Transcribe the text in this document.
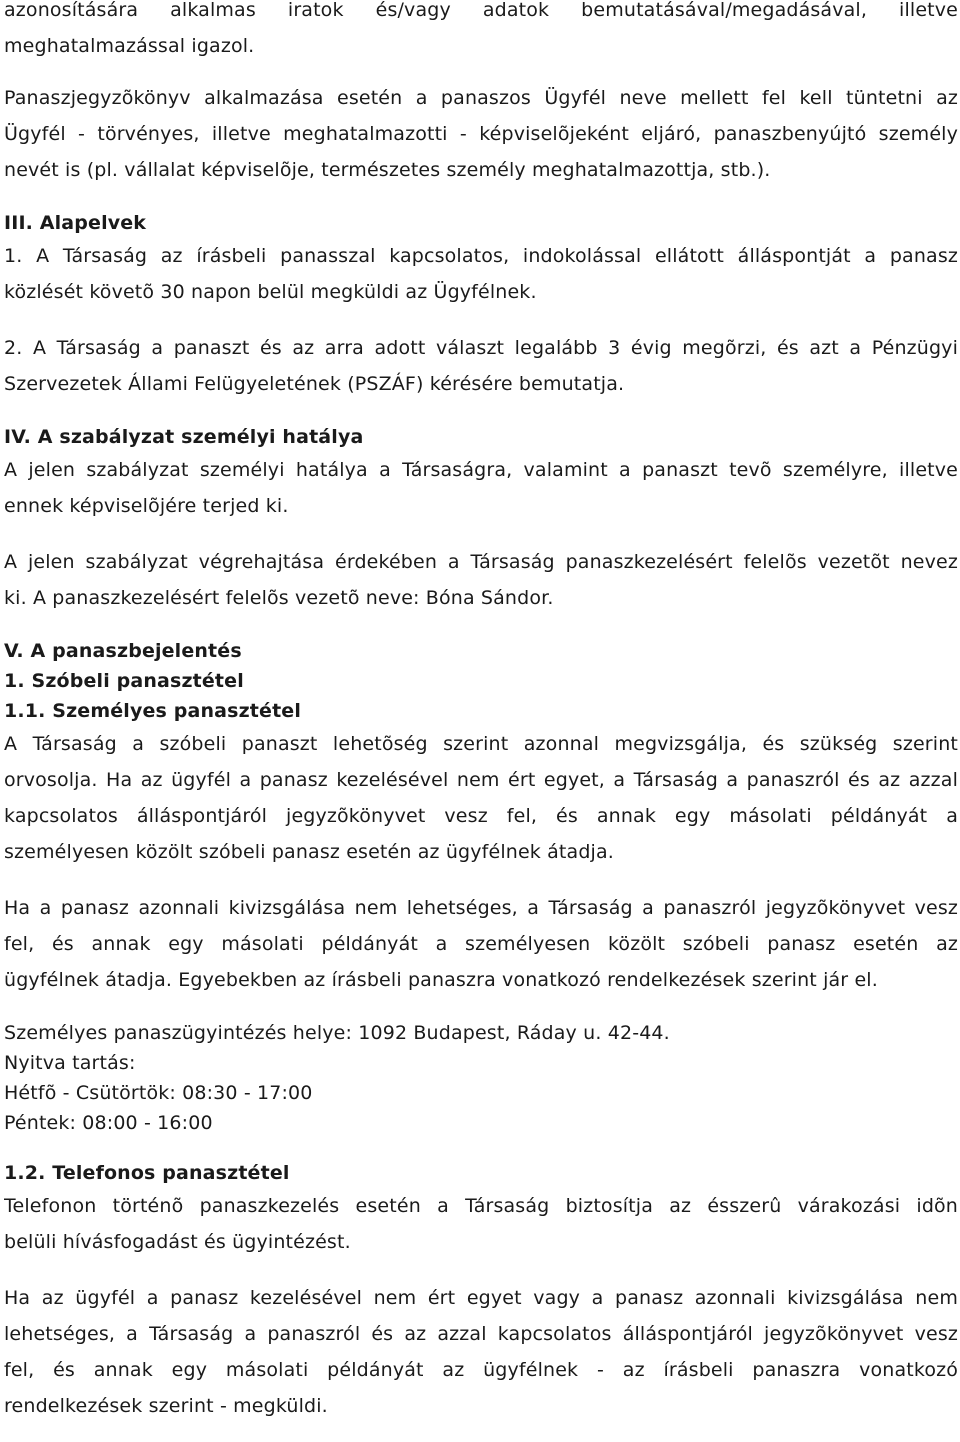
azonosítására alkalmas iratok és/vagy adatok bemutatásával/megadásával, illetve
meghatalmazással igazol.
Panaszjegyzõkönyv alkalmazása esetén a panaszos Ügyfél neve mellett fel kell tüntetni az
Ügyfél - törvényes, illetve meghatalmazotti - képviselõjeként eljáró, panaszbenyújtó személy
nevét is (pl. vállalat képviselõje, természetes személy meghatalmazottja, stb.).
III. Alapelvek
1. A Társaság az írásbeli panasszal kapcsolatos, indokolással ellátott álláspontját a panasz
közlését követõ 30 napon belül megküldi az Ügyfélnek.
2. A Társaság a panaszt és az arra adott választ legalább 3 évig megõrzi, és azt a Pénzügyi
Szervezetek Állami Felügyeletének (PSZÁF) kérésére bemutatja.
IV. A szabályzat személyi hatálya
A jelen szabályzat személyi hatálya a Társaságra, valamint a panaszt tevõ személyre, illetve
ennek képviselõjére terjed ki.
A jelen szabályzat végrehajtása érdekében a Társaság panaszkezelésért felelõs vezetõt nevez
ki. A panaszkezelésért felelõs vezetõ neve: Bóna Sándor.
V. A panaszbejelentés
1. Szóbeli panasztétel
1.1. Személyes panasztétel
A Társaság a szóbeli panaszt lehetõség szerint azonnal megvizsgálja, és szükség szerint
orvosolja. Ha az ügyfél a panasz kezelésével nem ért egyet, a Társaság a panaszról és az azzal
kapcsolatos álláspontjáról jegyzõkönyvet vesz fel, és annak egy másolati példányát a
személyesen közölt szóbeli panasz esetén az ügyfélnek átadja.
Ha a panasz azonnali kivizsgálása nem lehetséges, a Társaság a panaszról jegyzõkönyvet vesz
fel, és annak egy másolati példányát a személyesen közölt szóbeli panasz esetén az
ügyfélnek átadja. Egyebekben az írásbeli panaszra vonatkozó rendelkezések szerint jár el.
Személyes panaszügyintézés helye: 1092 Budapest, Ráday u. 42-44.
Nyitva tartás:
Hétfõ - Csütörtök: 08:30 - 17:00
Péntek: 08:00 - 16:00
1.2. Telefonos panasztétel
Telefonon történõ panaszkezelés esetén a Társaság biztosítja az ésszerû várakozási idõn
belüli hívásfogadást és ügyintézést.
Ha az ügyfél a panasz kezelésével nem ért egyet vagy a panasz azonnali kivizsgálása nem
lehetséges, a Társaság a panaszról és az azzal kapcsolatos álláspontjáról jegyzõkönyvet vesz
fel, és annak egy másolati példányát az ügyfélnek - az írásbeli panaszra vonatkozó
rendelkezések szerint - megküldi.
